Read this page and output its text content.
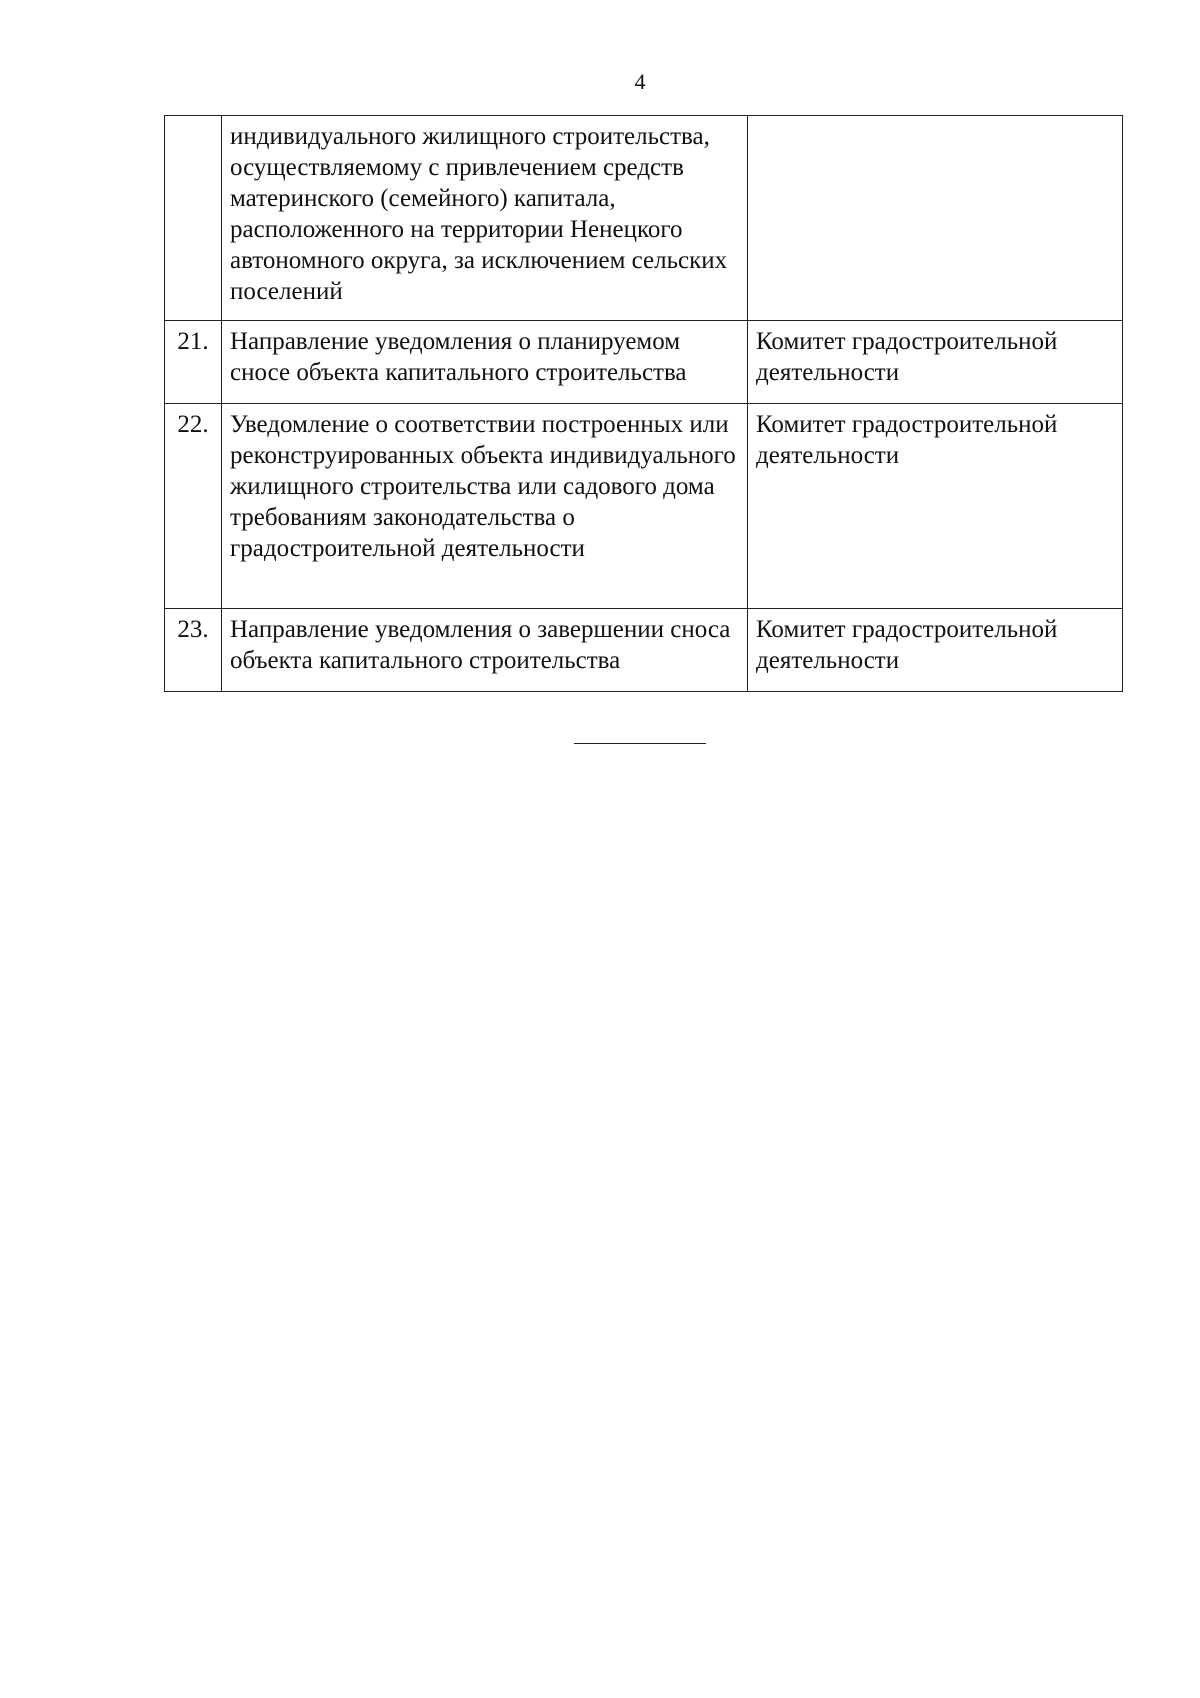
4
	индивидуального жилищного строительства, осуществляемому с привлечением средств материнского (семейного) капитала, расположенного на территории Ненецкого автономного округа, за исключением сельских поселений	
21.	Направление уведомления о планируемом сносе объекта капитального строительства	Комитет градостроительной деятельности
22.	Уведомление о соответствии построенных или реконструированных объекта индивидуального жилищного строительства или садового дома требованиям законодательства о градостроительной деятельности	Комитет градостроительной деятельности
23.	Направление уведомления о завершении сноса объекта капитального строительства	Комитет градостроительной деятельности
